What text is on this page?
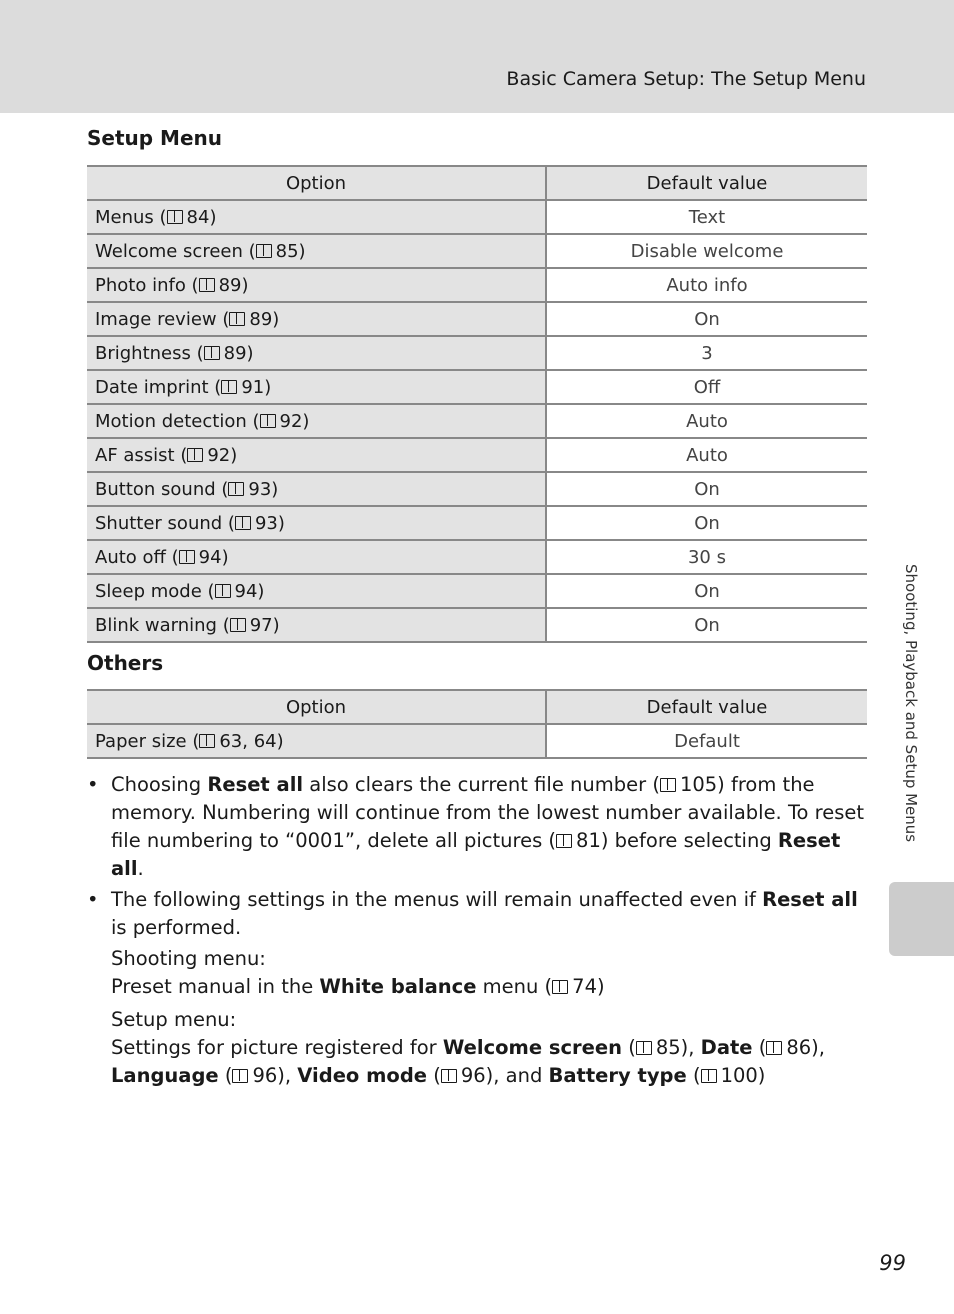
Basic Camera Setup: The Setup Menu
Setup Menu
Option	Default value
Menus ( 84)	Text
Welcome screen ( 85)	Disable welcome
Photo info ( 89)	Auto info
Image review ( 89)	On
Brightness ( 89)	3
Date imprint ( 91)	Off
Motion detection ( 92)	Auto
AF assist ( 92)	Auto
Button sound ( 93)	On
Shutter sound ( 93)	On
Auto off ( 94)	30 s
Sleep mode ( 94)	On
Blink warning ( 97)	On
Others
Option	Default value
Paper size ( 63, 64)	Default
• Choosing Reset all also clears the current file number ( 105) from the memory. Numbering will continue from the lowest number available. To reset file numbering to “0001”, delete all pictures ( 81) before selecting Reset all.
• The following settings in the menus will remain unaffected even if Reset all is performed.

Shooting menu:

Preset manual in the White balance menu ( 74)

Setup menu:

Settings for picture registered for Welcome screen ( 85), Date ( 86), Language ( 96), Video mode ( 96), and Battery type ( 100)

Shooting, Playback and Setup Menus
99
